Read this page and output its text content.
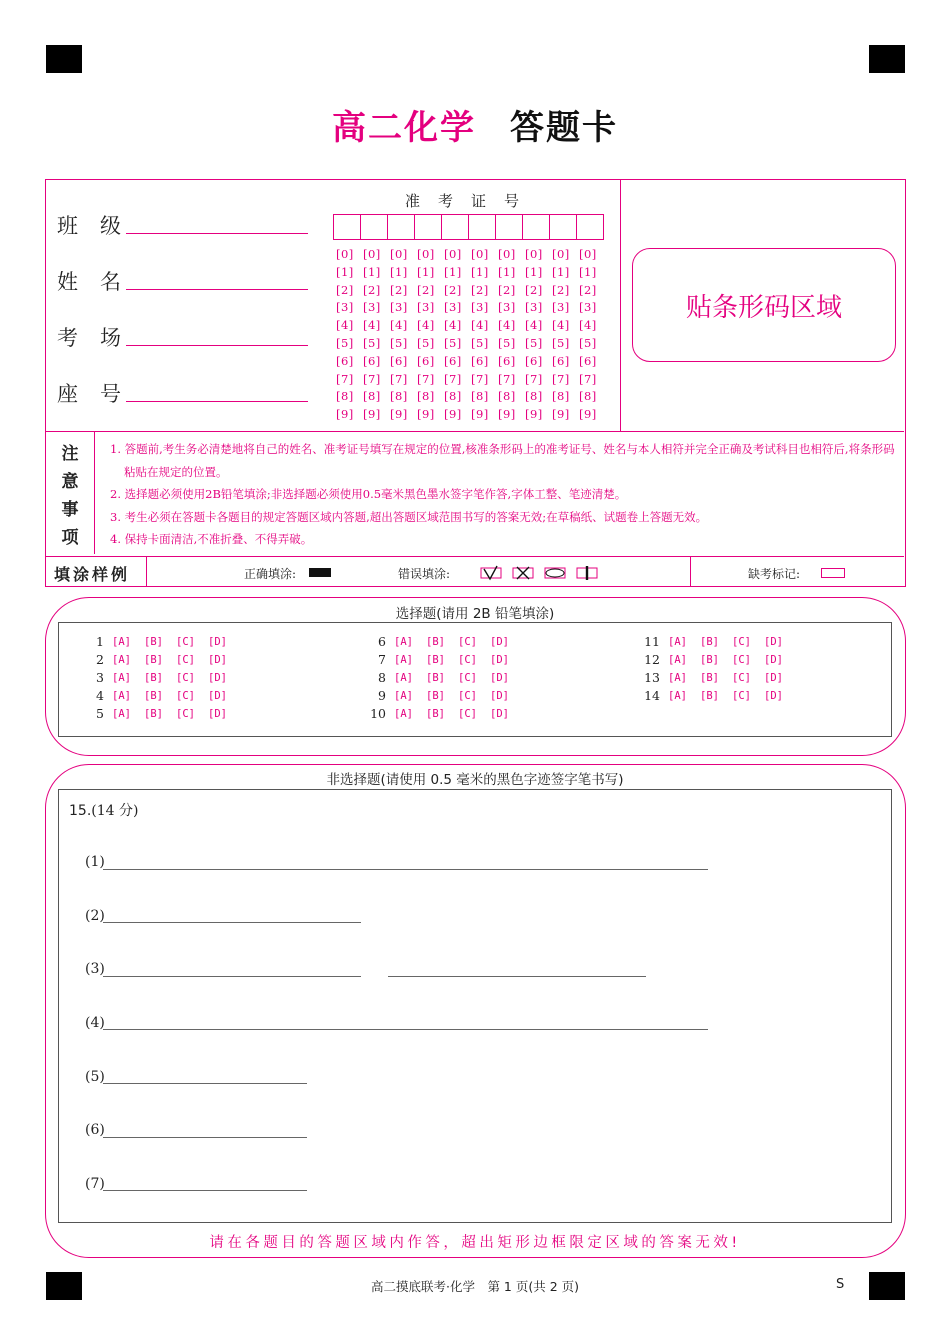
高二化学 答题卡
班级
姓名
考场
座号
准考证号
[0] [0] [0] [0] [0] [0] [0] [0] [0] [0]
[1] [1] [1] [1] [1] [1] [1] [1] [1] [1]
[2] [2] [2] [2] [2] [2] [2] [2] [2] [2]
[3] [3] [3] [3] [3] [3] [3] [3] [3] [3]
[4] [4] [4] [4] [4] [4] [4] [4] [4] [4]
[5] [5] [5] [5] [5] [5] [5] [5] [5] [5]
[6] [6] [6] [6] [6] [6] [6] [6] [6] [6]
[7] [7] [7] [7] [7] [7] [7] [7] [7] [7]
[8] [8] [8] [8] [8] [8] [8] [8] [8] [8]
[9] [9] [9] [9] [9] [9] [9] [9] [9] [9]
贴条形码区域
注
意
事
项
1. 答题前,考生务必清楚地将自己的姓名、准考证号填写在规定的位置,核准条形码上的准考证号、姓名与本人相符并完全正确及考试科目也相符后,将条形码粘贴在规定的位置。
2. 选择题必须使用2B铅笔填涂;非选择题必须使用0.5毫米黑色墨水签字笔作答,字体工整、笔迹清楚。
3. 考生必须在答题卡各题目的规定答题区域内答题,超出答题区域范围书写的答案无效;在草稿纸、试题卷上答题无效。
4. 保持卡面清洁,不准折叠、不得弄破。
填涂样例	正确填涂:	错误填涂:	缺考标记:
选择题(请用 2B 铅笔填涂)
1 [A]	[B]	[C]	[D]
2 [A]	[B]	[C]	[D]
3 [A]	[B]	[C]	[D]
4 [A]	[B]	[C]	[D]
5 [A]	[B]	[C]	[D]
6 [A]	[B]	[C]	[D]
7 [A]	[B]	[C]	[D]
8 [A]	[B]	[C]	[D]
9 [A]	[B]	[C]	[D]
10 [A]	[B]	[C]	[D]
11 [A]	[B]	[C]	[D]
12 [A]	[B]	[C]	[D]
13 [A]	[B]	[C]	[D]
14 [A]	[B]	[C]	[D]
非选择题(请使用 0.5 毫米的黑色字迹签字笔书写)
15.(14 分)
(1)
(2)
(3)
(4)
(5)
(6)
(7)
请在各题目的答题区域内作答，超出矩形边框限定区域的答案无效!
高二摸底联考·化学　第 1 页(共 2 页)	S
